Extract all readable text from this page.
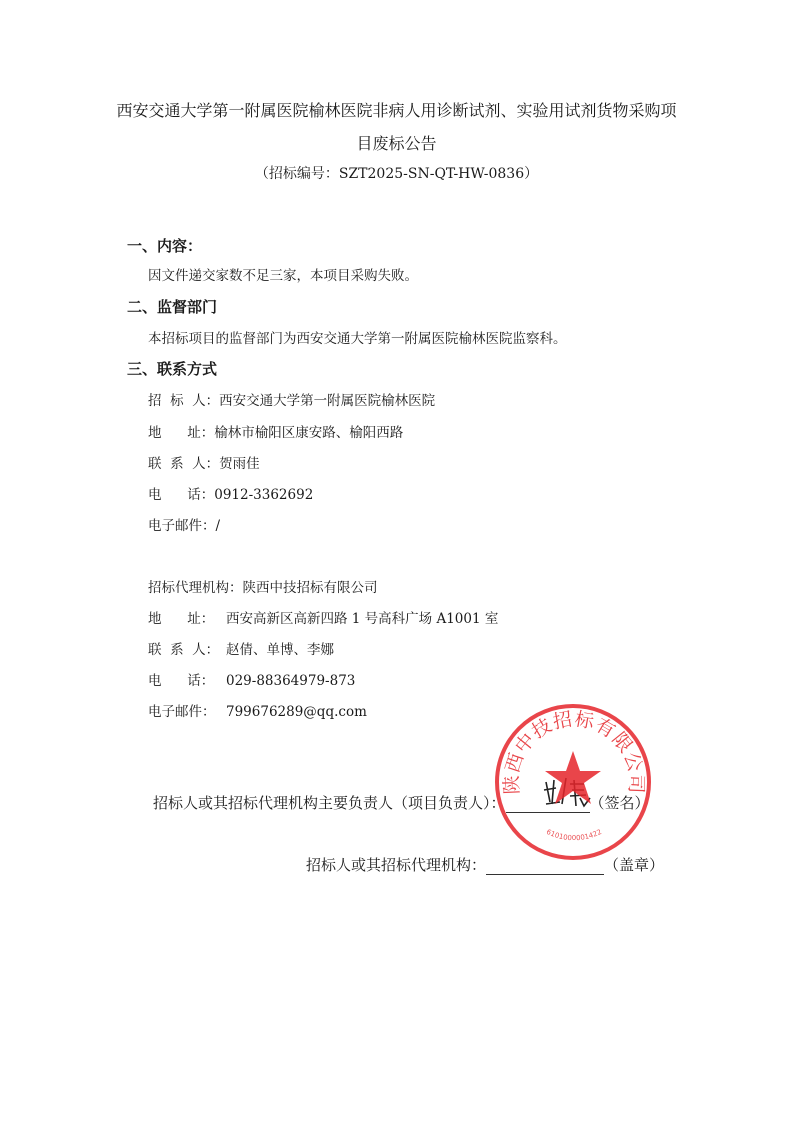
西安交通大学第一附属医院榆林医院非病人用诊断试剂、实验用试剂货物采购项
目废标公告
（招标编号：SZT2025-SN-QT-HW-0836）
一、内容：
因文件递交家数不足三家，本项目采购失败。
二、监督部门
本招标项目的监督部门为西安交通大学第一附属医院榆林医院监察科。
三、联系方式
招  标  人：西安交通大学第一附属医院榆林医院
地      址：榆林市榆阳区康安路、榆阳西路
联  系  人：贺雨佳
电      话：0912-3362692
电子邮件：/
招标代理机构：陕西中技招标有限公司
地      址： 西安高新区高新四路 1 号高科广场 A1001 室
联  系  人： 赵倩、单博、李娜
电      话： 029-88364979-873
电子邮件： 799676289@qq.com
招标人或其招标代理机构主要负责人（项目负责人）：	（签名）
招标人或其招标代理机构：	（盖章）
陕西中技招标有限公司
6101000001422
